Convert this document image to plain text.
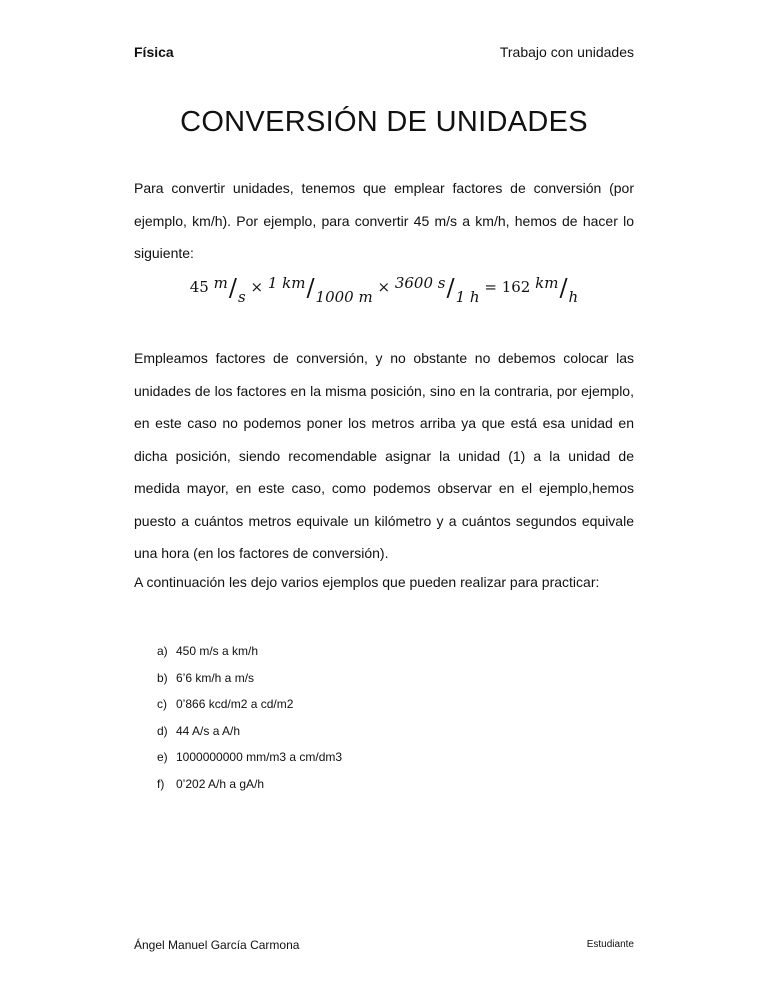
Física	Trabajo con unidades
CONVERSIÓN DE UNIDADES

Para convertir unidades, tenemos que emplear factores de conversión (por ejemplo, km/h). Por ejemplo, para convertir 45 m/s a km/h, hemos de hacer lo siguiente:

45 m/s × 1 km/1000 m × 3600 s/1 h = 162 km/h

Empleamos factores de conversión, y no obstante no debemos colocar las unidades de los factores en la misma posición, sino en la contraria, por ejemplo, en este caso no podemos poner los metros arriba ya que está esa unidad en dicha posición, siendo recomendable asignar la unidad (1) a la unidad de medida mayor, en este caso, como podemos observar en el ejemplo,hemos puesto a cuántos metros equivale un kilómetro y a cuántos segundos equivale una hora (en los factores de conversión).

A continuación les dejo varios ejemplos que pueden realizar para practicar:

a) 450 m/s a km/h
b) 6’6 km/h a m/s
c) 0’866 kcd/m2 a cd/m2
d) 44 A/s a A/h
e) 1000000000 mm/m3 a cm/dm3
f) 0’202 A/h a gA/h
Ángel Manuel García Carmona	Estudiante
